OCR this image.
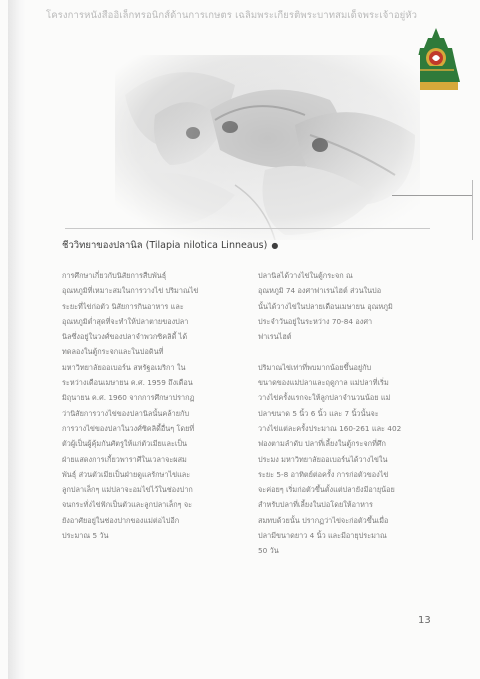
โครงการหนังสืออิเล็กทรอนิกส์ด้านการเกษตร เฉลิมพระเกียรติพระบาทสมเด็จพระเจ้าอยู่หัว
ชีววิทยาของปลานิล (Tilapia nilotica Linneaus) ●

การศึกษาเกี่ยวกับนิสัยการสืบพันธุ์

อุณหภูมิที่เหมาะสมในการวางไข่ ปริมาณไข่

ระยะที่ไข่ก่อตัว นิสัยการกินอาหาร และ

อุณหภูมิต่ำสุดที่จะทำให้ปลาตายของปลา

นิลซึ่งอยู่ในวงศ์ของปลาจำพวกซิคลิดี้ ได้

ทดลองในตู้กระจกและในบ่อดินที่

มหาวิทยาลัยออเบอร์น สหรัฐอเมริกา ใน

ระหว่างเดือนเมษายน ค.ศ. 1959 ถึงเดือน

มิถุนายน ค.ศ. 1960 จากการศึกษาปรากฏ

ว่านิสัยการวางไข่ของปลานิลนั้นคล้ายกับ

การวางไข่ของปลาในวงศ์ซิคลิดี้อื่นๆ โดยที่

ตัวผู้เป็นผู้คุ้มกันศัตรูให้แก่ตัวเมียและเป็น

ฝ่ายแสดงการเกี้ยวพาราศีในเวลาจะผสม

พันธุ์ ส่วนตัวเมียเป็นฝ่ายดูแลรักษาไข่และ

ลูกปลาเล็กๆ แม่ปลาจะอมไข่ไว้ในช่องปาก

จนกระทั่งไข่ฟักเป็นตัวและลูกปลาเล็กๆ จะ

ยังอาศัยอยู่ในช่องปากของแม่ต่อไปอีก

ประมาณ 5 วัน

ปลานิลได้วางไข่ในตู้กระจก ณ

อุณหภูมิ 74 องศาฟาเรนไฮต์ ส่วนในบ่อ

นั้นได้วางไข่ในปลายเดือนเมษายน อุณหภูมิ

ประจำวันอยู่ในระหว่าง 70-84 องศา

ฟาเรนไฮต์

ปริมาณไข่เท่าที่พบมากน้อยขึ้นอยู่กับ

ขนาดของแม่ปลาและฤดูกาล แม่ปลาที่เริ่ม

วางไข่ครั้งแรกจะให้ลูกปลาจำนวนน้อย แม่

ปลาขนาด 5 นิ้ว 6 นิ้ว และ 7 นิ้วนั้นจะ

วางไข่แต่ละครั้งประมาณ 160-261 และ 402

ฟองตามลำดับ ปลาที่เลี้ยงในตู้กระจกที่ศึก

ประมง มหาวิทยาลัยออเบอร์นได้วางไข่ใน

ระยะ 5-8 อาทิตย์ต่อครั้ง การก่อตัวของไข่

จะค่อยๆ เริ่มก่อตัวขึ้นตั้งแต่ปลายังมีอายุน้อย

สำหรับปลาที่เลี้ยงในบ่อโดยให้อาหาร

สมทบด้วยนั้น ปรากฏว่าไข่จะก่อตัวขึ้นเมื่อ

ปลามีขนาดยาว 4 นิ้ว และมีอายุประมาณ

50 วัน

13
